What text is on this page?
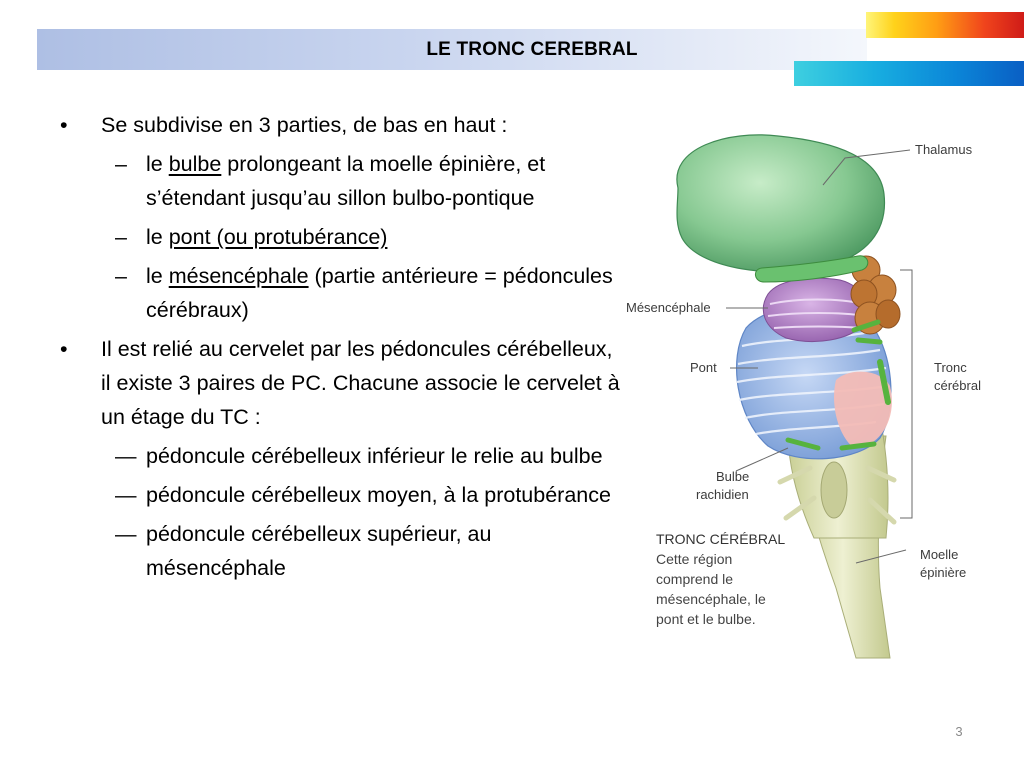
LE TRONC CEREBRAL
• Se subdivise en 3 parties, de bas en haut :
– le bulbe prolongeant la moelle épinière, et s’étendant jusqu’au sillon bulbo-pontique
– le pont (ou protubérance)
– le mésencéphale (partie antérieure = pédoncules cérébraux)
• Il est relié au cervelet par les pédoncules cérébelleux, il existe 3 paires de PC. Chacune associe le cervelet à un étage du TC :
— pédoncule cérébelleux inférieur le relie au bulbe
— pédoncule cérébelleux moyen, à la protubérance
— pédoncule cérébelleux supérieur, au mésencéphale
Thalamus
Mésencéphale
Pont
Bulbe
rachidien
Tronc
cérébral
Moelle
épinière
TRONC CÉRÉBRAL
Cette région
comprend le
mésencéphale, le
pont et le bulbe.
3
